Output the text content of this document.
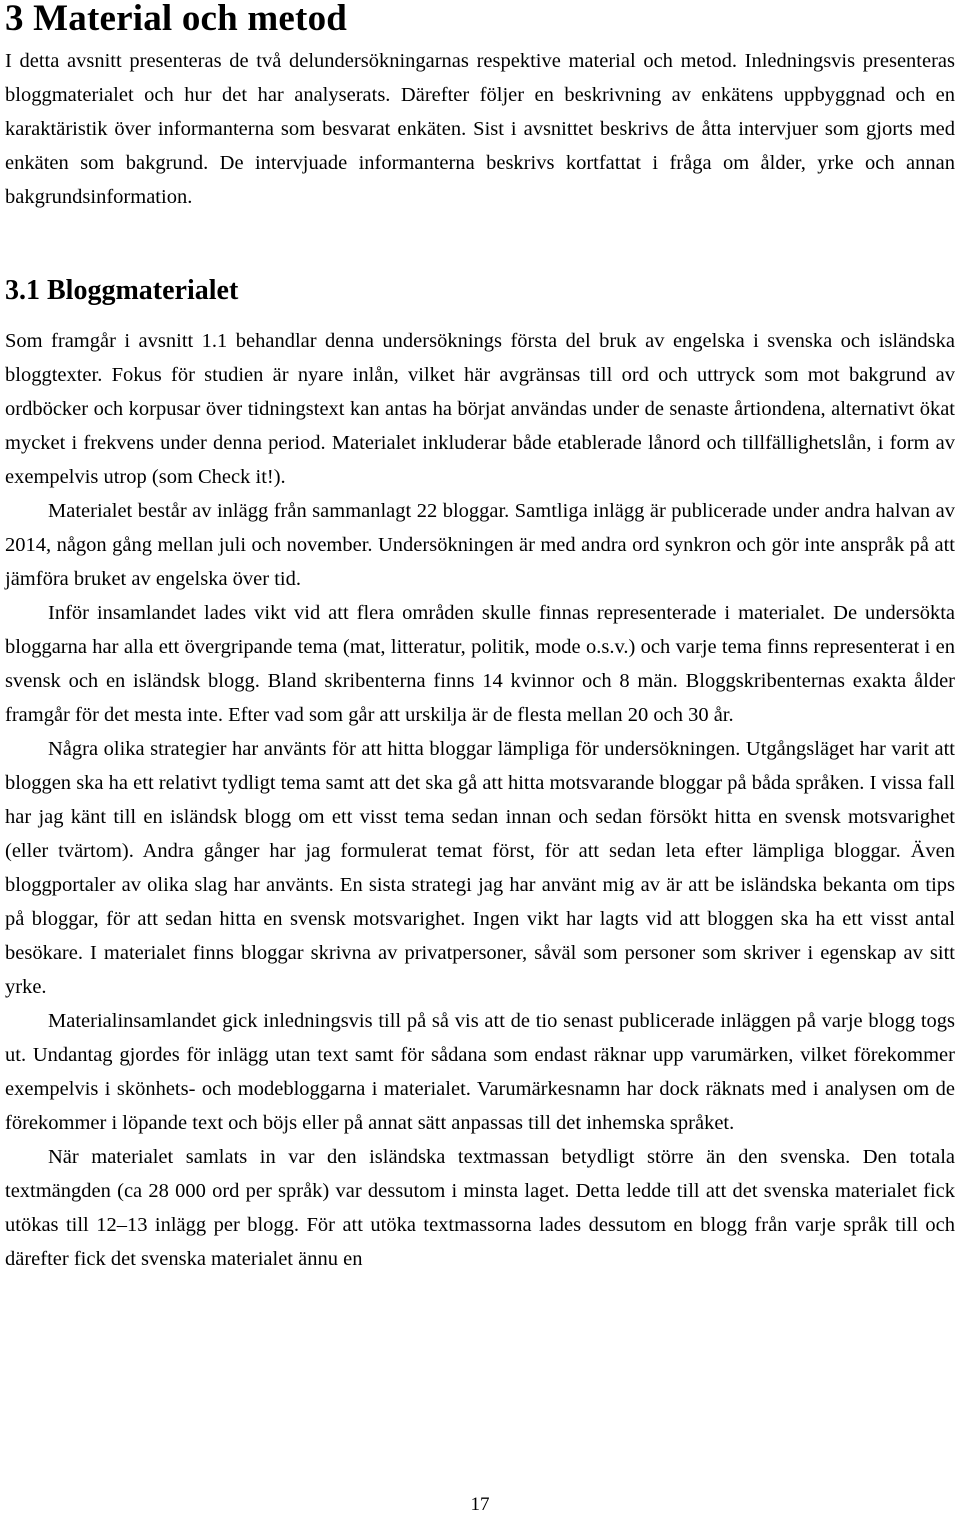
3 Material och metod

I detta avsnitt presenteras de två delundersökningarnas respektive material och metod. Inledningsvis presenteras bloggmaterialet och hur det har analyserats. Därefter följer en beskrivning av enkätens uppbyggnad och en karaktäristik över informanterna som besvarat enkäten. Sist i avsnittet beskrivs de åtta intervjuer som gjorts med enkäten som bakgrund. De intervjuade informanterna beskrivs kortfattat i fråga om ålder, yrke och annan bakgrundsinformation.

3.1 Bloggmaterialet

Som framgår i avsnitt 1.1 behandlar denna undersöknings första del bruk av engelska i svenska och isländska bloggtexter. Fokus för studien är nyare inlån, vilket här avgränsas till ord och uttryck som mot bakgrund av ordböcker och korpusar över tidningstext kan antas ha börjat användas under de senaste årtiondena, alternativt ökat mycket i frekvens under denna period. Materialet inkluderar både etablerade lånord och tillfällighetslån, i form av exempelvis utrop (som Check it!).

Materialet består av inlägg från sammanlagt 22 bloggar. Samtliga inlägg är publicerade under andra halvan av 2014, någon gång mellan juli och november. Undersökningen är med andra ord synkron och gör inte anspråk på att jämföra bruket av engelska över tid.

Inför insamlandet lades vikt vid att flera områden skulle finnas representerade i materialet. De undersökta bloggarna har alla ett övergripande tema (mat, litteratur, politik, mode o.s.v.) och varje tema finns representerat i en svensk och en isländsk blogg. Bland skribenterna finns 14 kvinnor och 8 män. Bloggskribenternas exakta ålder framgår för det mesta inte. Efter vad som går att urskilja är de flesta mellan 20 och 30 år.

Några olika strategier har använts för att hitta bloggar lämpliga för undersökningen. Utgångsläget har varit att bloggen ska ha ett relativt tydligt tema samt att det ska gå att hitta motsvarande bloggar på båda språken. I vissa fall har jag känt till en isländsk blogg om ett visst tema sedan innan och sedan försökt hitta en svensk motsvarighet (eller tvärtom). Andra gånger har jag formulerat temat först, för att sedan leta efter lämpliga bloggar. Även bloggportaler av olika slag har använts. En sista strategi jag har använt mig av är att be isländska bekanta om tips på bloggar, för att sedan hitta en svensk motsvarighet. Ingen vikt har lagts vid att bloggen ska ha ett visst antal besökare. I materialet finns bloggar skrivna av privatpersoner, såväl som personer som skriver i egenskap av sitt yrke.

Materialinsamlandet gick inledningsvis till på så vis att de tio senast publicerade inläggen på varje blogg togs ut. Undantag gjordes för inlägg utan text samt för sådana som endast räknar upp varumärken, vilket förekommer exempelvis i skönhets- och modebloggarna i materialet. Varumärkesnamn har dock räknats med i analysen om de förekommer i löpande text och böjs eller på annat sätt anpassas till det inhemska språket.

När materialet samlats in var den isländska textmassan betydligt större än den svenska. Den totala textmängden (ca 28 000 ord per språk) var dessutom i minsta laget. Detta ledde till att det svenska materialet fick utökas till 12–13 inlägg per blogg. För att utöka textmassorna lades dessutom en blogg från varje språk till och därefter fick det svenska materialet ännu en

17
